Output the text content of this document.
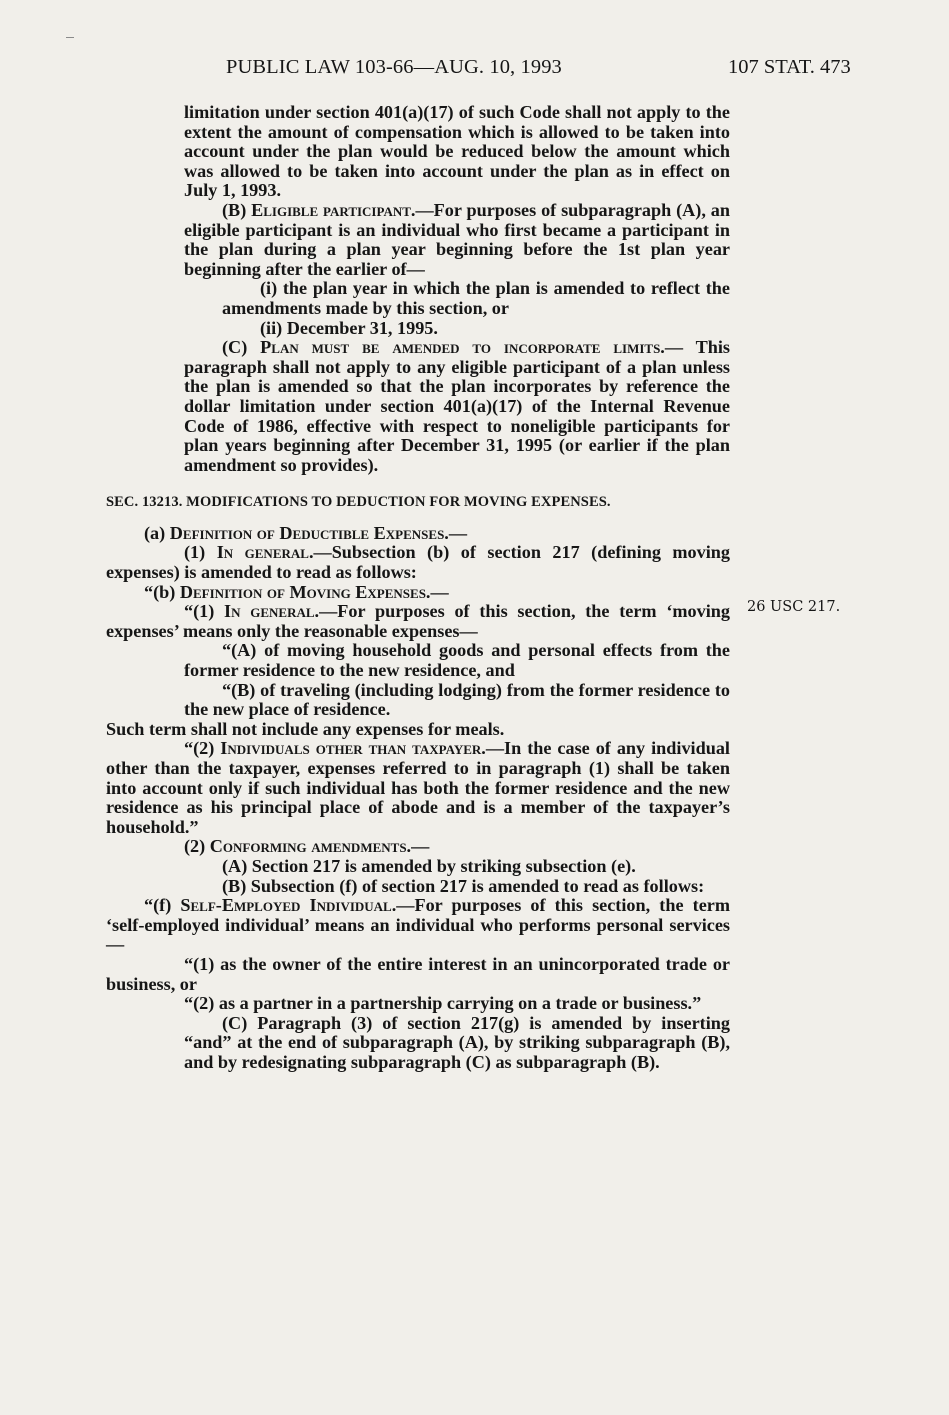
PUBLIC LAW 103-66—AUG. 10, 1993	107 STAT. 473
26 USC 217.

limitation under section 401(a)(17) of such Code shall not apply to the extent the amount of compensation which is allowed to be taken into account under the plan would be reduced below the amount which was allowed to be taken into account under the plan as in effect on July 1, 1993.

(B) Eligible participant.—For purposes of subparagraph (A), an eligible participant is an individual who first became a participant in the plan during a plan year beginning before the 1st plan year beginning after the earlier of—

(i) the plan year in which the plan is amended to reflect the amendments made by this section, or

(ii) December 31, 1995.

(C) Plan must be amended to incorporate limits.— This paragraph shall not apply to any eligible participant of a plan unless the plan is amended so that the plan incorporates by reference the dollar limitation under section 401(a)(17) of the Internal Revenue Code of 1986, effective with respect to noneligible participants for plan years beginning after December 31, 1995 (or earlier if the plan amendment so provides).

SEC. 13213. MODIFICATIONS TO DEDUCTION FOR MOVING EXPENSES.

(a) Definition of Deductible Expenses.—

(1) In general.—Subsection (b) of section 217 (defining moving expenses) is amended to read as follows:

“(b) Definition of Moving Expenses.—

“(1) In general.—For purposes of this section, the term ‘moving expenses’ means only the reasonable expenses—

“(A) of moving household goods and personal effects from the former residence to the new residence, and

“(B) of traveling (including lodging) from the former residence to the new place of residence.

Such term shall not include any expenses for meals.

“(2) Individuals other than taxpayer.—In the case of any individual other than the taxpayer, expenses referred to in paragraph (1) shall be taken into account only if such individual has both the former residence and the new residence as his principal place of abode and is a member of the taxpayer’s household.”

(2) Conforming amendments.—

(A) Section 217 is amended by striking subsection (e).

(B) Subsection (f) of section 217 is amended to read as follows:

“(f) Self-Employed Individual.—For purposes of this section, the term ‘self-employed individual’ means an individual who performs personal services—

“(1) as the owner of the entire interest in an unincorporated trade or business, or

“(2) as a partner in a partnership carrying on a trade or business.”

(C) Paragraph (3) of section 217(g) is amended by inserting “and” at the end of subparagraph (A), by striking subparagraph (B), and by redesignating subparagraph (C) as subparagraph (B).
